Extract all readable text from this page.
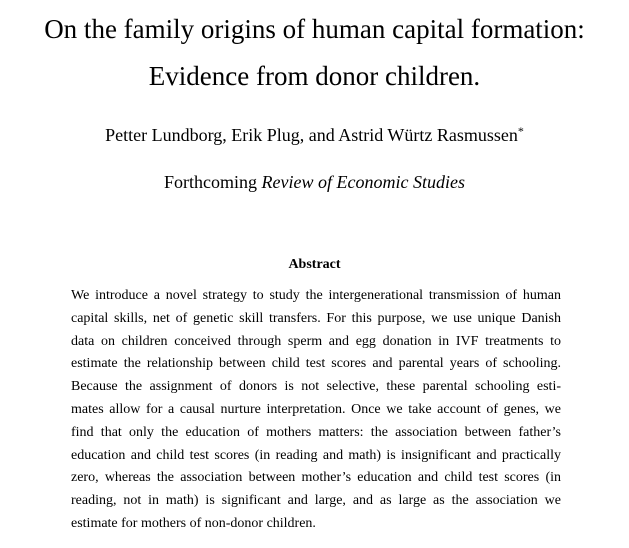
On the family origins of human capital formation:
Evidence from donor children.
Petter Lundborg, Erik Plug, and Astrid Würtz Rasmussen*
Forthcoming Review of Economic Studies
Abstract
We introduce a novel strategy to study the intergenerational transmission of human
capital skills, net of genetic skill transfers. For this purpose, we use unique Danish
data on children conceived through sperm and egg donation in IVF treatments to
estimate the relationship between child test scores and parental years of schooling.
Because the assignment of donors is not selective, these parental schooling esti-
mates allow for a causal nurture interpretation. Once we take account of genes, we
find that only the education of mothers matters: the association between father’s
education and child test scores (in reading and math) is insignificant and practically
zero, whereas the association between mother’s education and child test scores (in
reading, not in math) is significant and large, and as large as the association we
estimate for mothers of non-donor children.
